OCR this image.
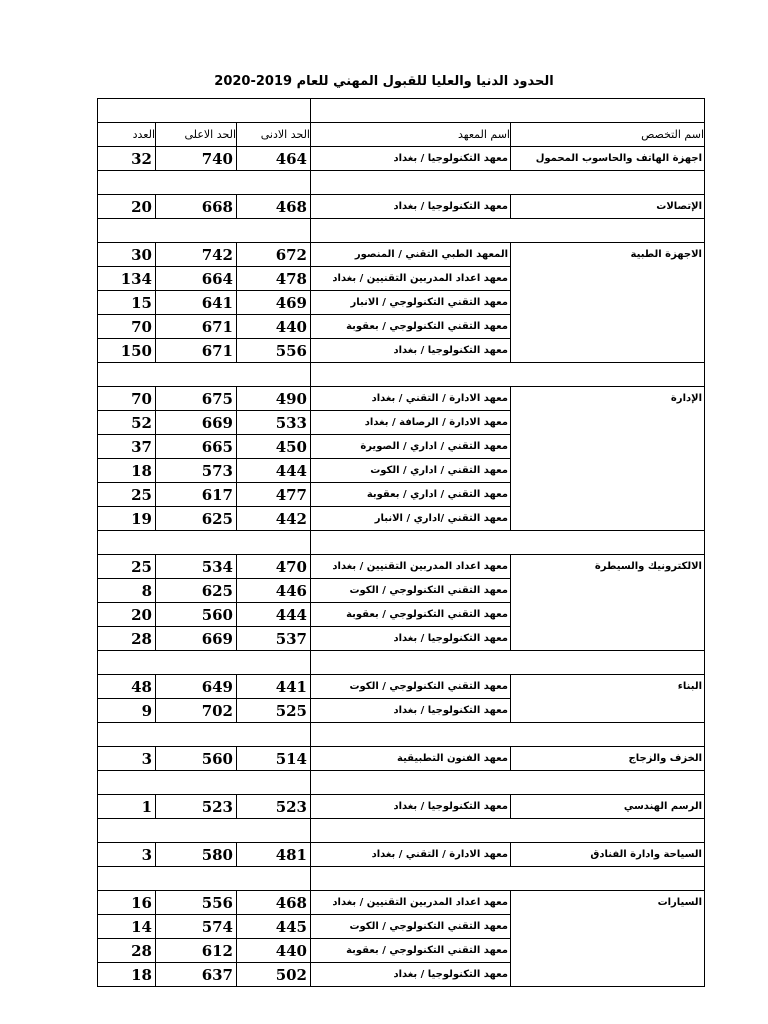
الحدود الدنيا والعليا للقبول المهني للعام 2019-2020

العدد	الحد الاعلى	الحد الادنى	اسم المعهد	اسم التخصص
32	740	464	معهد التكنولوجيا / بغداد	اجهزة الهاتف والحاسوب المحمول

20	668	468	معهد التكنولوجيا / بغداد	الإتصالات

30	742	672	المعهد الطبي التقني / المنصور	الاجهزة الطبية
134	664	478	معهد اعداد المدربين التقنيين / بغداد	
15	641	469	معهد التقني التكنولوجي / الانبار	
70	671	440	معهد التقني التكنولوجي / بعقوبة	
150	671	556	معهد التكنولوجيا / بغداد	

70	675	490	معهد الادارة / التقني / بغداد	الإدارة
52	669	533	معهد الادارة / الرصافة / بغداد	
37	665	450	معهد التقني / اداري / الصويرة	
18	573	444	معهد التقني / اداري / الكوت	
25	617	477	معهد التقني / اداري / بعقوبة	
19	625	442	معهد التقني /اداري / الانبار	

25	534	470	معهد اعداد المدربين التقنيين / بغداد	الالكترونيك والسيطرة
8	625	446	معهد التقني التكنولوجي / الكوت	
20	560	444	معهد التقني التكنولوجي / بعقوبة	
28	669	537	معهد التكنولوجيا / بغداد	

48	649	441	معهد التقني التكنولوجي / الكوت	البناء
9	702	525	معهد التكنولوجيا / بغداد	

3	560	514	معهد الفنون التطبيقية	الخزف والزجاج

1	523	523	معهد التكنولوجيا / بغداد	الرسم الهندسي

3	580	481	معهد الادارة / التقني / بغداد	السياحة وادارة الفنادق

16	556	468	معهد اعداد المدربين التقنيين / بغداد	السيارات
14	574	445	معهد التقني التكنولوجي / الكوت	
28	612	440	معهد التقني التكنولوجي / بعقوبة	
18	637	502	معهد التكنولوجيا / بغداد	
